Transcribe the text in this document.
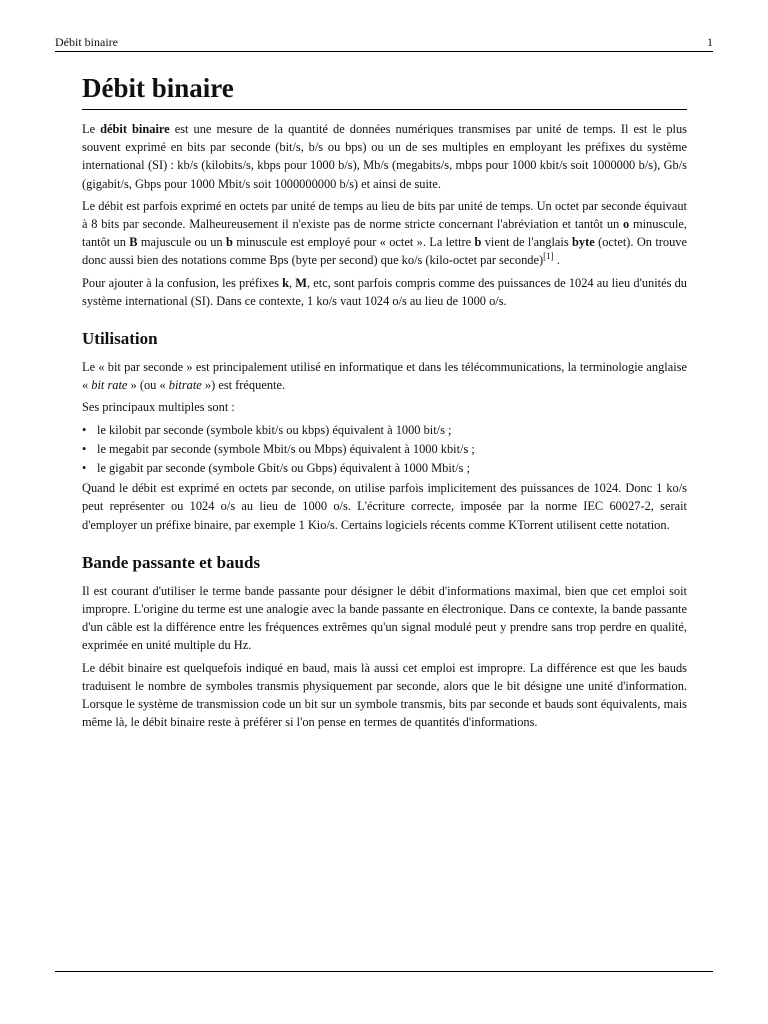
Débit binaire	1
Débit binaire

Le débit binaire est une mesure de la quantité de données numériques transmises par unité de temps. Il est le plus souvent exprimé en bits par seconde (bit/s, b/s ou bps) ou un de ses multiples en employant les préfixes du système international (SI) : kb/s (kilobits/s, kbps pour 1000 b/s), Mb/s (megabits/s, mbps pour 1000 kbit/s soit 1000000 b/s), Gb/s (gigabit/s, Gbps pour 1000 Mbit/s soit 1000000000 b/s) et ainsi de suite.

Le débit est parfois exprimé en octets par unité de temps au lieu de bits par unité de temps. Un octet par seconde équivaut à 8 bits par seconde. Malheureusement il n'existe pas de norme stricte concernant l'abréviation et tantôt un o minuscule, tantôt un B majuscule ou un b minuscule est employé pour « octet ». La lettre b vient de l'anglais byte (octet). On trouve donc aussi bien des notations comme Bps (byte per second) que ko/s (kilo-octet par seconde)[1] .

Pour ajouter à la confusion, les préfixes k, M, etc, sont parfois compris comme des puissances de 1024 au lieu d'unités du système international (SI). Dans ce contexte, 1 ko/s vaut 1024 o/s au lieu de 1000 o/s.

Utilisation

Le « bit par seconde » est principalement utilisé en informatique et dans les télécommunications, la terminologie anglaise « bit rate » (ou « bitrate ») est fréquente.

Ses principaux multiples sont :

• le kilobit par seconde (symbole kbit/s ou kbps) équivalent à 1000 bit/s ;
• le megabit par seconde (symbole Mbit/s ou Mbps) équivalent à 1000 kbit/s ;
• le gigabit par seconde (symbole Gbit/s ou Gbps) équivalent à 1000 Mbit/s ;

Quand le débit est exprimé en octets par seconde, on utilise parfois implicitement des puissances de 1024. Donc 1 ko/s peut représenter ou 1024 o/s au lieu de 1000 o/s. L'écriture correcte, imposée par la norme IEC 60027-2, serait d'employer un préfixe binaire, par exemple 1 Kio/s. Certains logiciels récents comme KTorrent utilisent cette notation.

Bande passante et bauds

Il est courant d'utiliser le terme bande passante pour désigner le débit d'informations maximal, bien que cet emploi soit impropre. L'origine du terme est une analogie avec la bande passante en électronique. Dans ce contexte, la bande passante d'un câble est la différence entre les fréquences extrêmes qu'un signal modulé peut y prendre sans trop perdre en qualité, exprimée en unité multiple du Hz.

Le débit binaire est quelquefois indiqué en baud, mais là aussi cet emploi est impropre. La différence est que les bauds traduisent le nombre de symboles transmis physiquement par seconde, alors que le bit désigne une unité d'information. Lorsque le système de transmission code un bit sur un symbole transmis, bits par seconde et bauds sont équivalents, mais même là, le débit binaire reste à préférer si l'on pense en termes de quantités d'informations.
